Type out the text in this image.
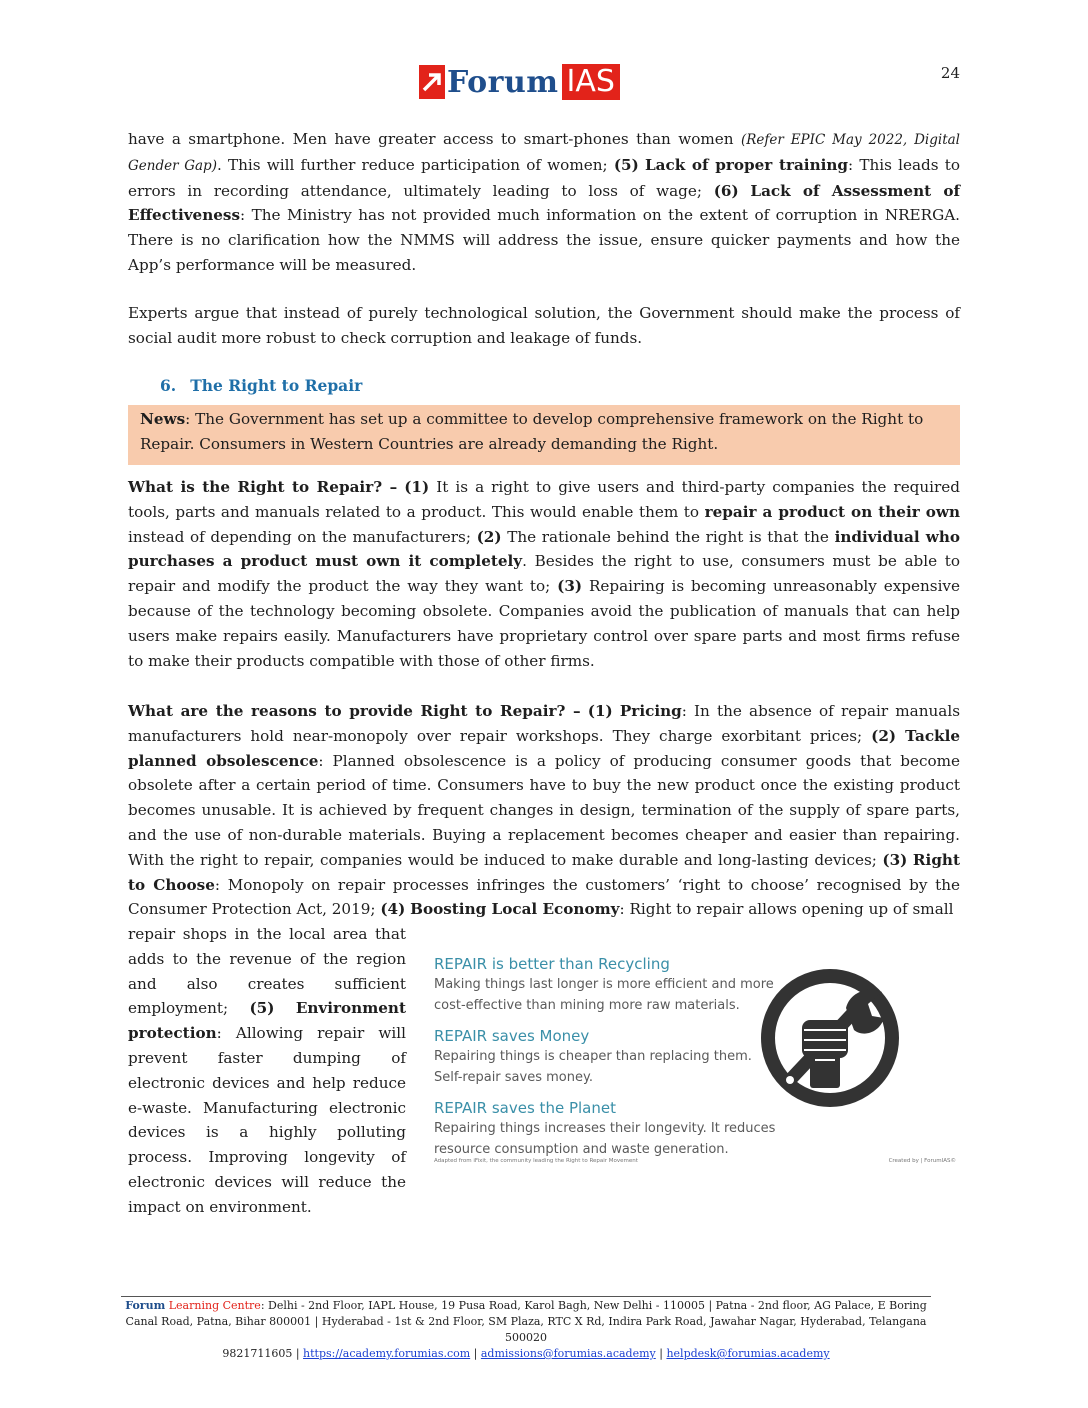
Forum IAS	24
have a smartphone. Men have greater access to smart-phones than women (Refer EPIC May 2022, Digital Gender Gap). This will further reduce participation of women; (5) Lack of proper training: This leads to errors in recording attendance, ultimately leading to loss of wage; (6) Lack of Assessment of Effectiveness: The Ministry has not provided much information on the extent of corruption in NRERGA. There is no clarification how the NMMS will address the issue, ensure quicker payments and how the App’s performance will be measured.
Experts argue that instead of purely technological solution, the Government should make the process of social audit more robust to check corruption and leakage of funds.
6. The Right to Repair
News: The Government has set up a committee to develop comprehensive framework on the Right to Repair. Consumers in Western Countries are already demanding the Right.
What is the Right to Repair? – (1) It is a right to give users and third-party companies the required tools, parts and manuals related to a product. This would enable them to repair a product on their own instead of depending on the manufacturers; (2) The rationale behind the right is that the individual who purchases a product must own it completely. Besides the right to use, consumers must be able to repair and modify the product the way they want to; (3) Repairing is becoming unreasonably expensive because of the technology becoming obsolete. Companies avoid the publication of manuals that can help users make repairs easily. Manufacturers have proprietary control over spare parts and most firms refuse to make their products compatible with those of other firms.
What are the reasons to provide Right to Repair? – (1) Pricing: In the absence of repair manuals manufacturers hold near-monopoly over repair workshops. They charge exorbitant prices; (2) Tackle planned obsolescence: Planned obsolescence is a policy of producing consumer goods that become obsolete after a certain period of time. Consumers have to buy the new product once the existing product becomes unusable. It is achieved by frequent changes in design, termination of the supply of spare parts, and the use of non-durable materials. Buying a replacement becomes cheaper and easier than repairing. With the right to repair, companies would be induced to make durable and long-lasting devices; (3) Right to Choose: Monopoly on repair processes infringes the customers’ ‘right to choose’ recognised by the Consumer Protection Act, 2019; (4) Boosting Local Economy: Right to repair allows opening up of small
repair shops in the local area that adds to the revenue of the region and also creates sufficient employment; (5) Environment protection: Allowing repair will prevent faster dumping of electronic devices and help reduce e-waste. Manufacturing electronic devices is a highly polluting process. Improving longevity of electronic devices will reduce the impact on environment.
REPAIR is better than Recycling
Making things last longer is more efficient and more cost-effective than mining more raw materials.
REPAIR saves Money
Repairing things is cheaper than replacing them. Self-repair saves money.
REPAIR saves the Planet
Repairing things increases their longevity. It reduces resource consumption and waste generation.
Adapted from iFixit, the community leading the Right to Repair Movement	Created by | ForumIAS©
Forum Learning Centre: Delhi - 2nd Floor, IAPL House, 19 Pusa Road, Karol Bagh, New Delhi - 110005 | Patna - 2nd floor, AG Palace, E Boring Canal Road, Patna, Bihar 800001 | Hyderabad - 1st & 2nd Floor, SM Plaza, RTC X Rd, Indira Park Road, Jawahar Nagar, Hyderabad, Telangana 500020
9821711605 | https://academy.forumias.com | admissions@forumias.academy | helpdesk@forumias.academy
